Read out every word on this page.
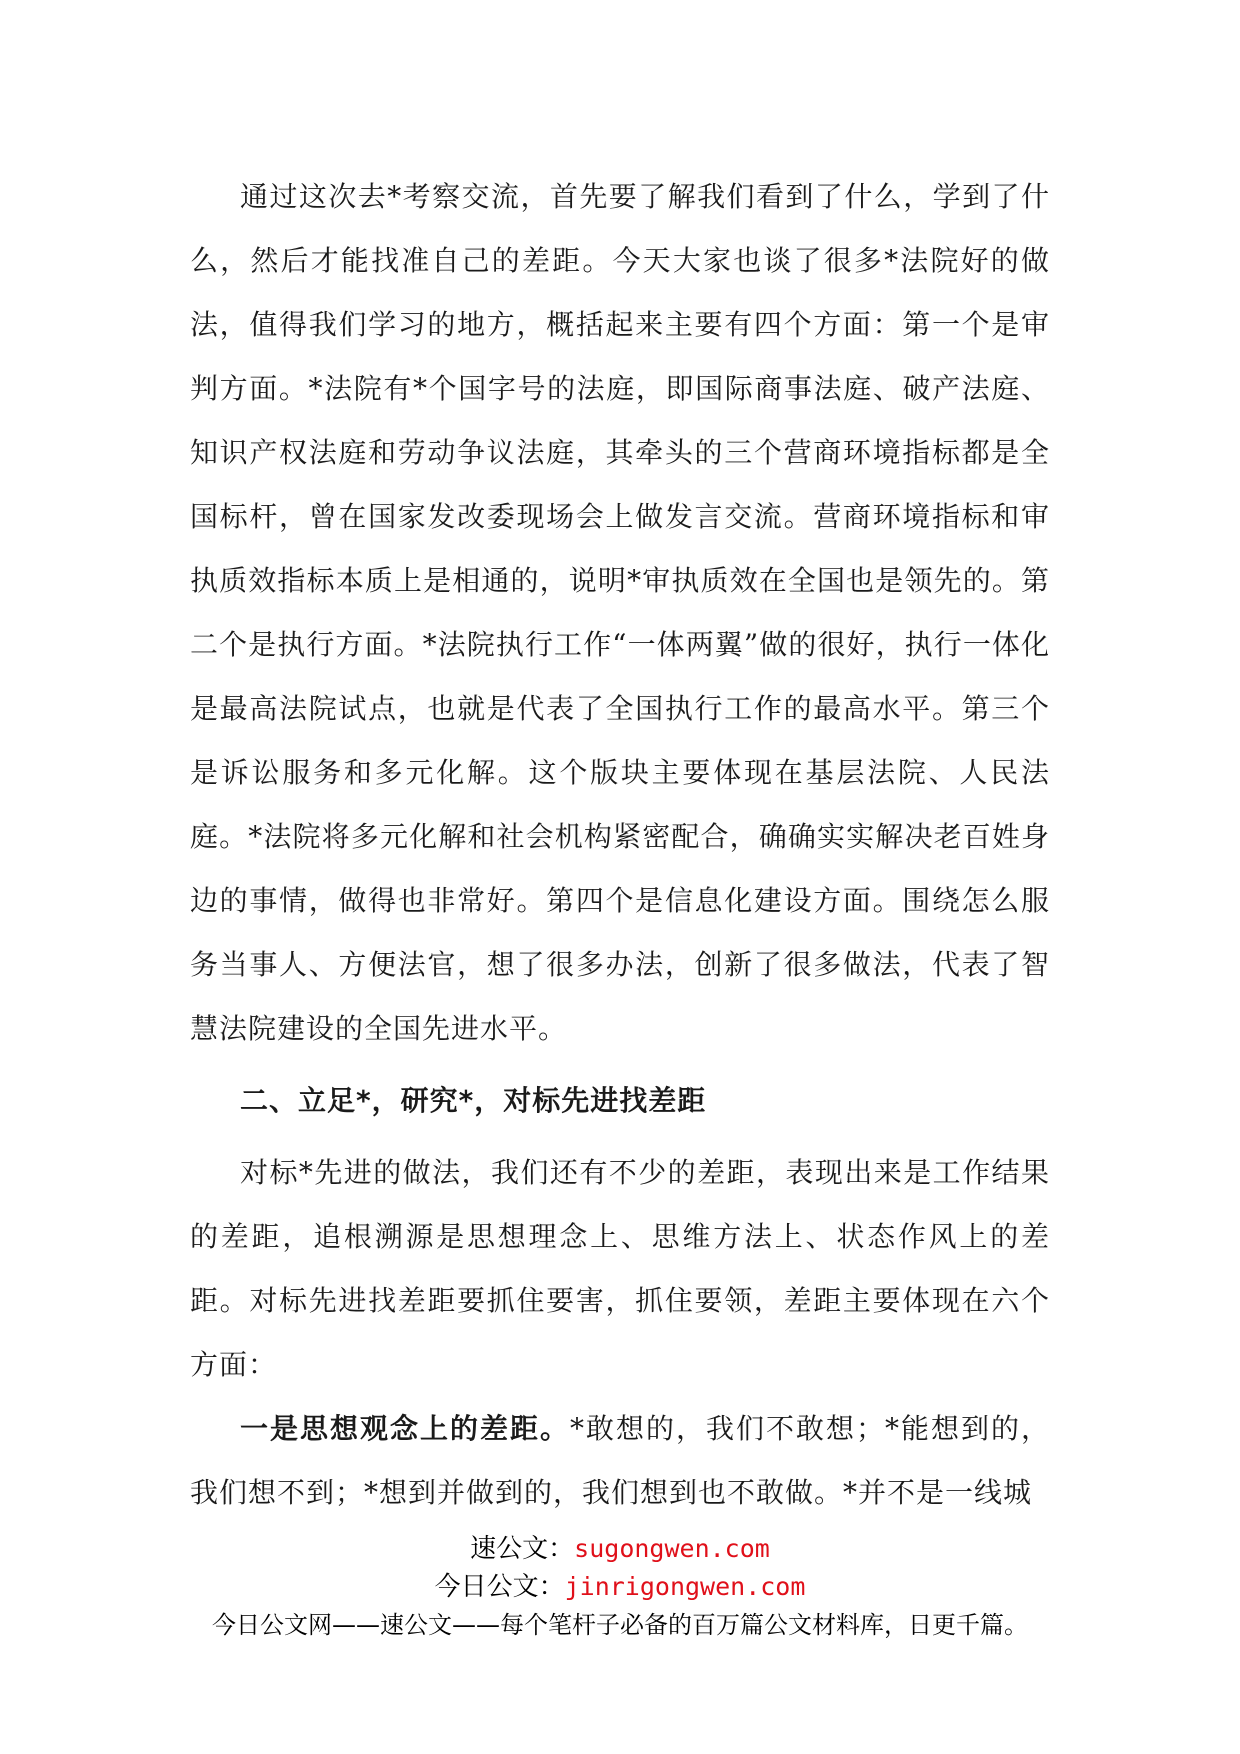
通过这次去*考察交流，首先要了解我们看到了什么，学到了什么，然后才能找准自己的差距。今天大家也谈了很多*法院好的做法，值得我们学习的地方，概括起来主要有四个方面：第一个是审判方面。*法院有*个国字号的法庭，即国际商事法庭、破产法庭、知识产权法庭和劳动争议法庭，其牵头的三个营商环境指标都是全国标杆，曾在国家发改委现场会上做发言交流。营商环境指标和审执质效指标本质上是相通的，说明*审执质效在全国也是领先的。第二个是执行方面。*法院执行工作“一体两翼”做的很好，执行一体化是最高法院试点，也就是代表了全国执行工作的最高水平。第三个是诉讼服务和多元化解。这个版块主要体现在基层法院、人民法庭。*法院将多元化解和社会机构紧密配合，确确实实解决老百姓身边的事情，做得也非常好。第四个是信息化建设方面。围绕怎么服务当事人、方便法官，想了很多办法，创新了很多做法，代表了智慧法院建设的全国先进水平。

二、立足*，研究*，对标先进找差距

对标*先进的做法，我们还有不少的差距，表现出来是工作结果的差距，追根溯源是思想理念上、思维方法上、状态作风上的差距。对标先进找差距要抓住要害，抓住要领，差距主要体现在六个方面：

一是思想观念上的差距。*敢想的，我们不敢想；*能想到的，我们想不到；*想到并做到的，我们想到也不敢做。*并不是一线城

速公文：sugongwen.com
今日公文：jinrigongwen.com
今日公文网——速公文——每个笔杆子必备的百万篇公文材料库，日更千篇。
